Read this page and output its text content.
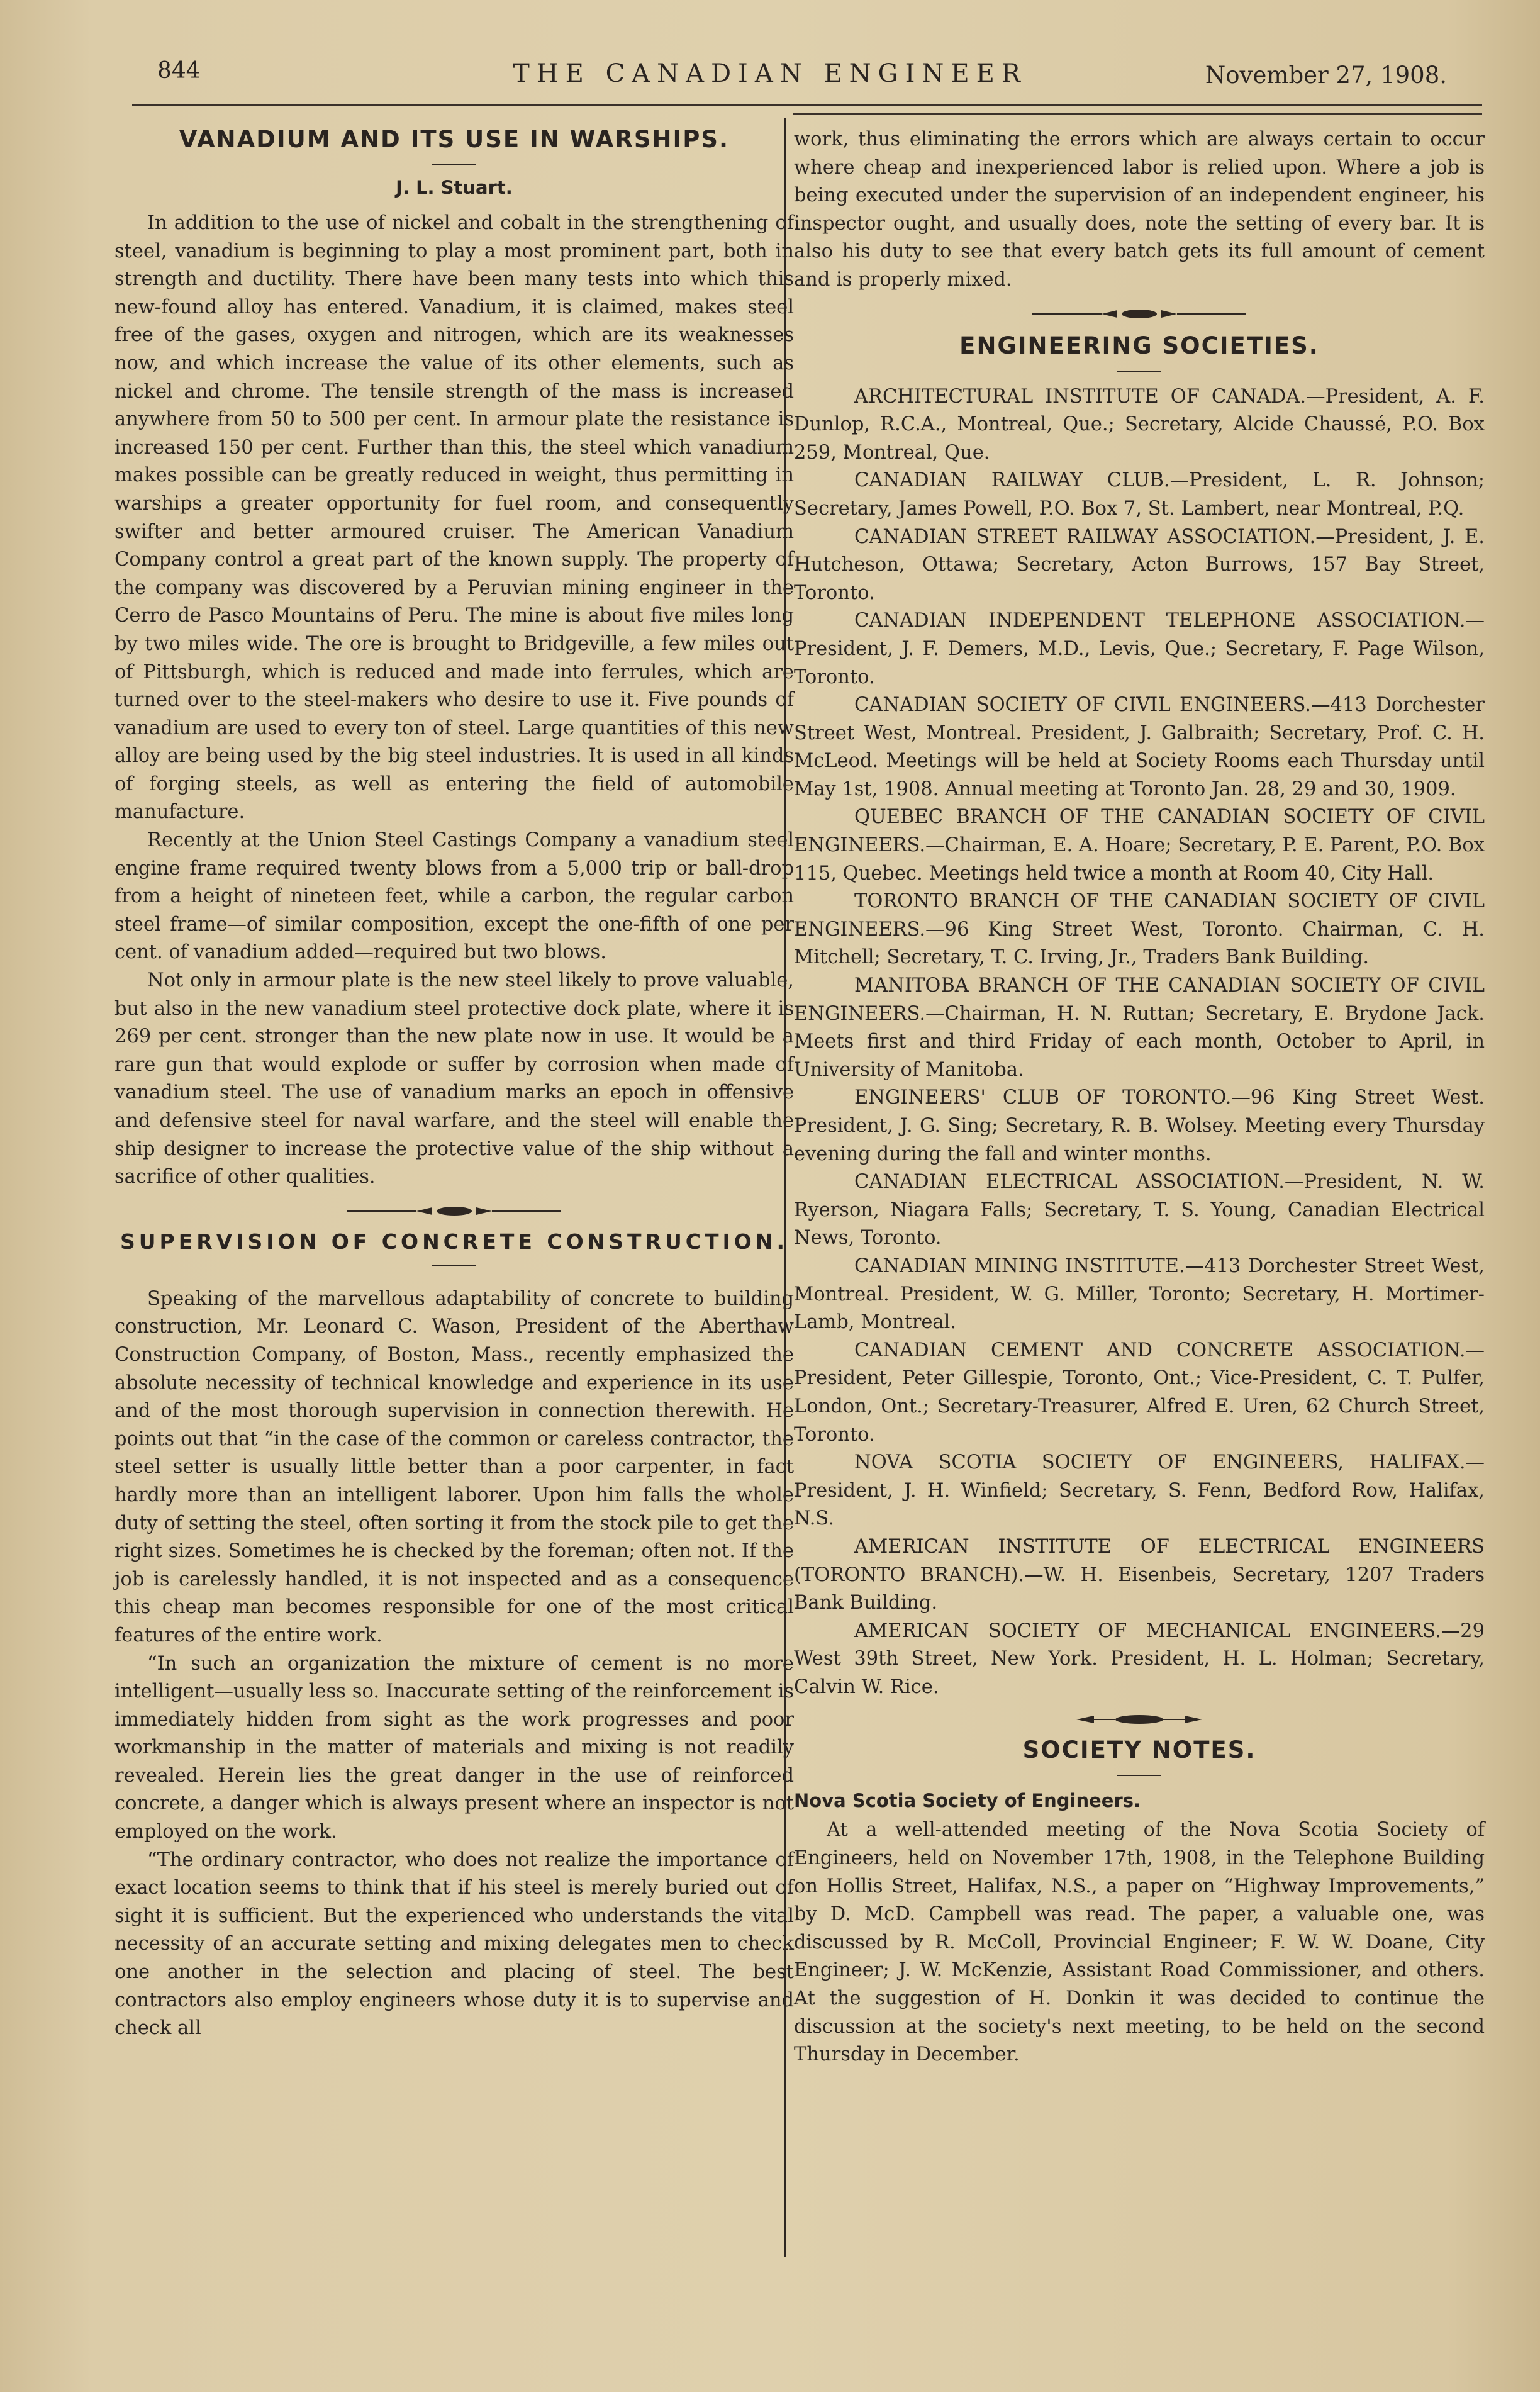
844	THE CANADIAN ENGINEER	November 27, 1908.
VANADIUM AND ITS USE IN WARSHIPS.
J. L. Stuart.

In addition to the use of nickel and cobalt in the strengthening of steel, vanadium is beginning to play a most prominent part, both in strength and ductility. There have been many tests into which this new-found alloy has entered. Vanadium, it is claimed, makes steel free of the gases, oxygen and nitrogen, which are its weaknesses now, and which increase the value of its other elements, such as nickel and chrome. The tensile strength of the mass is increased anywhere from 50 to 500 per cent. In armour plate the resistance is increased 150 per cent. Further than this, the steel which vanadium makes possible can be greatly reduced in weight, thus permitting in warships a greater opportunity for fuel room, and consequently swifter and better armoured cruiser. The American Vanadium Company control a great part of the known supply. The property of the company was discovered by a Peruvian mining engineer in the Cerro de Pasco Mountains of Peru. The mine is about five miles long by two miles wide. The ore is brought to Bridgeville, a few miles out of Pittsburgh, which is reduced and made into ferrules, which are turned over to the steel-makers who desire to use it. Five pounds of vanadium are used to every ton of steel. Large quantities of this new alloy are being used by the big steel industries. It is used in all kinds of forging steels, as well as entering the field of automobile manufacture.

Recently at the Union Steel Castings Company a vanadium steel engine frame required twenty blows from a 5,000 trip or ball-drop from a height of nineteen feet, while a carbon, the regular carbon steel frame—of similar composition, except the one-fifth of one per cent. of vanadium added—required but two blows.

Not only in armour plate is the new steel likely to prove valuable, but also in the new vanadium steel protective dock plate, where it is 269 per cent. stronger than the new plate now in use. It would be a rare gun that would explode or suffer by corrosion when made of vanadium steel. The use of vanadium marks an epoch in offensive and defensive steel for naval warfare, and the steel will enable the ship designer to increase the protective value of the ship without a sacrifice of other qualities.

SUPERVISION OF CONCRETE CONSTRUCTION.

Speaking of the marvellous adaptability of concrete to building construction, Mr. Leonard C. Wason, President of the Aberthaw Construction Company, of Boston, Mass., recently emphasized the absolute necessity of technical knowledge and experience in its use and of the most thorough supervision in connection therewith. He points out that “in the case of the common or careless contractor, the steel setter is usually little better than a poor carpenter, in fact hardly more than an intelligent laborer. Upon him falls the whole duty of setting the steel, often sorting it from the stock pile to get the right sizes. Sometimes he is checked by the foreman; often not. If the job is carelessly handled, it is not inspected and as a consequence this cheap man becomes responsible for one of the most critical features of the entire work.

“In such an organization the mixture of cement is no more intelligent—usually less so. Inaccurate setting of the reinforcement is immediately hidden from sight as the work progresses and poor workmanship in the matter of materials and mixing is not readily revealed. Herein lies the great danger in the use of reinforced concrete, a danger which is always present where an inspector is not employed on the work.

“The ordinary contractor, who does not realize the importance of exact location seems to think that if his steel is merely buried out of sight it is sufficient. But the experienced who understands the vital necessity of an accurate setting and mixing delegates men to check one another in the selection and placing of steel. The best contractors also employ engineers whose duty it is to supervise and check all

work, thus eliminating the errors which are always certain to occur where cheap and inexperienced labor is relied upon. Where a job is being executed under the supervision of an independent engineer, his inspector ought, and usually does, note the setting of every bar. It is also his duty to see that every batch gets its full amount of cement and is properly mixed.

ENGINEERING SOCIETIES.

ARCHITECTURAL INSTITUTE OF CANADA.—President, A. F. Dunlop, R.C.A., Montreal, Que.; Secretary, Alcide Chaussé, P.O. Box 259, Montreal, Que.

CANADIAN RAILWAY CLUB.—President, L. R. Johnson; Secretary, James Powell, P.O. Box 7, St. Lambert, near Montreal, P.Q.

CANADIAN STREET RAILWAY ASSOCIATION.—President, J. E. Hutcheson, Ottawa; Secretary, Acton Burrows, 157 Bay Street, Toronto.

CANADIAN INDEPENDENT TELEPHONE ASSOCIATION.—President, J. F. Demers, M.D., Levis, Que.; Secretary, F. Page Wilson, Toronto.

CANADIAN SOCIETY OF CIVIL ENGINEERS.—413 Dorchester Street West, Montreal. President, J. Galbraith; Secretary, Prof. C. H. McLeod. Meetings will be held at Society Rooms each Thursday until May 1st, 1908. Annual meeting at Toronto Jan. 28, 29 and 30, 1909.

QUEBEC BRANCH OF THE CANADIAN SOCIETY OF CIVIL ENGINEERS.—Chairman, E. A. Hoare; Secretary, P. E. Parent, P.O. Box 115, Quebec. Meetings held twice a month at Room 40, City Hall.

TORONTO BRANCH OF THE CANADIAN SOCIETY OF CIVIL ENGINEERS.—96 King Street West, Toronto. Chairman, C. H. Mitchell; Secretary, T. C. Irving, Jr., Traders Bank Building.

MANITOBA BRANCH OF THE CANADIAN SOCIETY OF CIVIL ENGINEERS.—Chairman, H. N. Ruttan; Secretary, E. Brydone Jack. Meets first and third Friday of each month, October to April, in University of Manitoba.

ENGINEERS' CLUB OF TORONTO.—96 King Street West. President, J. G. Sing; Secretary, R. B. Wolsey. Meeting every Thursday evening during the fall and winter months.

CANADIAN ELECTRICAL ASSOCIATION.—President, N. W. Ryerson, Niagara Falls; Secretary, T. S. Young, Canadian Electrical News, Toronto.

CANADIAN MINING INSTITUTE.—413 Dorchester Street West, Montreal. President, W. G. Miller, Toronto; Secretary, H. Mortimer-Lamb, Montreal.

CANADIAN CEMENT AND CONCRETE ASSOCIATION.—President, Peter Gillespie, Toronto, Ont.; Vice-President, C. T. Pulfer, London, Ont.; Secretary-Treasurer, Alfred E. Uren, 62 Church Street, Toronto.

NOVA SCOTIA SOCIETY OF ENGINEERS, HALIFAX.—President, J. H. Winfield; Secretary, S. Fenn, Bedford Row, Halifax, N.S.

AMERICAN INSTITUTE OF ELECTRICAL ENGINEERS (TORONTO BRANCH).—W. H. Eisenbeis, Secretary, 1207 Traders Bank Building.

AMERICAN SOCIETY OF MECHANICAL ENGINEERS.—29 West 39th Street, New York. President, H. L. Holman; Secretary, Calvin W. Rice.

SOCIETY NOTES.
Nova Scotia Society of Engineers.

At a well-attended meeting of the Nova Scotia Society of Engineers, held on November 17th, 1908, in the Telephone Building on Hollis Street, Halifax, N.S., a paper on “Highway Improvements,” by D. McD. Campbell was read. The paper, a valuable one, was discussed by R. McColl, Provincial Engineer; F. W. W. Doane, City Engineer; J. W. McKenzie, Assistant Road Commissioner, and others. At the suggestion of H. Donkin it was decided to continue the discussion at the society's next meeting, to be held on the second Thursday in December.
